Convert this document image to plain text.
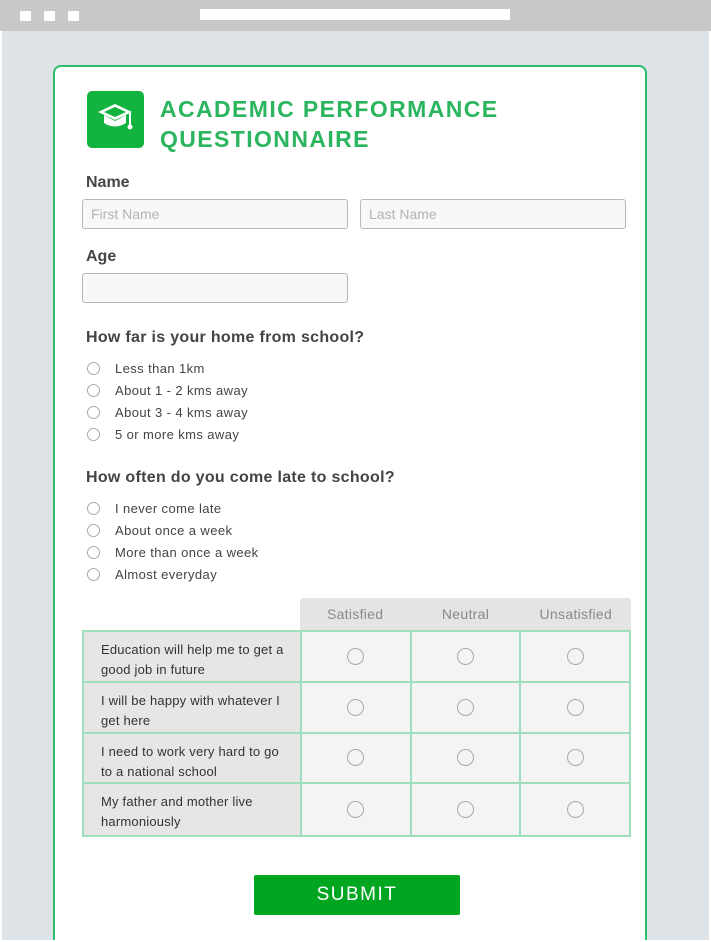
ACADEMIC PERFORMANCE
QUESTIONNAIRE

Name

First Name
Last Name

Age

How far is your home from school?

Less than 1km
About 1 - 2 kms away
About 3 - 4 kms away
5 or more kms away

How often do you come late to school?

I never come late
About once a week
More than once a week
Almost everyday
Satisfied	Neutral	Unsatisfied
Education will help me to get a good job in future
I will be happy with whatever I get here
I need to work very hard to go to a national school
My father and mother live harmoniously
SUBMIT
